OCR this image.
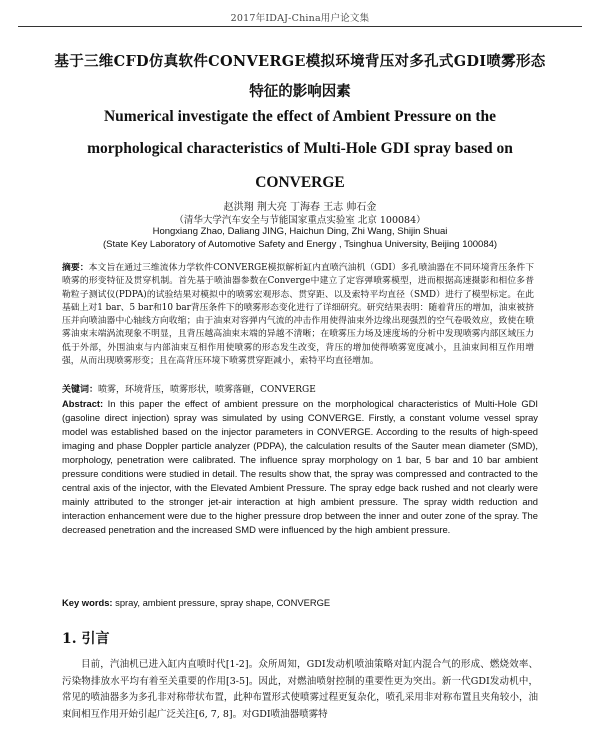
2017年IDAJ-China用户论文集
基于三维CFD仿真软件CONVERGE模拟环境背压对多孔式GDI喷雾形态
特征的影响因素
Numerical investigate the effect of Ambient Pressure on the
morphological characteristics of Multi-Hole GDI spray based on
CONVERGE
赵洪翔 荆大亮 丁海春 王志 帅石金
（清华大学汽车安全与节能国家重点实验室 北京 100084）
Hongxiang Zhao, Daliang JING, Haichun Ding, Zhi Wang, Shijin Shuai
(State Key Laboratory of Automotive Safety and Energy , Tsinghua University, Beijing 100084)
摘要：本文旨在通过三维流体力学软件CONVERGE模拟解析缸内直喷汽油机（GDI）多孔喷油器在不同环境背压条件下喷雾的形变特征及贯穿机制。首先基于喷油器参数在Converge中建立了定容弹喷雾模型，进而根据高速摄影和相位多普勒粒子测试仪(PDPA)的试验结果对模拟中的喷雾宏观形态、贯穿距、以及索特平均直径（SMD）进行了模型标定。在此基础上对1 bar、5 bar和10 bar背压条件下的喷雾形态变化进行了详细研究。研究结果表明：随着背压的增加，油束被挤压并向喷油器中心轴线方向收缩；由于油束对容弹内气流的冲击作用使得油束外边缘出现强烈的空气卷吸效应，致使在喷雾油束末端涡流现象不明显，且背压越高油束末端的异越不清晰；在喷雾压力场及速度场的分析中发现喷雾内部区域压力低于外部，外围油束与内部油束互相作用使喷雾的形态发生改变，背压的增加使得喷雾宽度减小，且油束间相互作用增强，从而出现喷雾形变；且在高背压环境下喷雾贯穿距减小，索特平均直径增加。
关键词：喷雾，环境背压，喷雾形状，喷雾落砸，CONVERGE
Abstract: In this paper the effect of ambient pressure on the morphological characteristics of Multi-Hole GDI (gasoline direct injection) spray was simulated by using CONVERGE. Firstly, a constant volume vessel spray model was established based on the injector parameters in CONVERGE. According to the results of high-speed imaging and phase Doppler particle analyzer (PDPA), the calculation results of the Sauter mean diameter (SMD), morphology, penetration were calibrated. The influence spray morphology on 1 bar, 5 bar and 10 bar ambient pressure conditions were studied in detail. The results show that, the spray was compressed and contracted to the central axis of the injector, with the Elevated Ambient Pressure. The spray edge back rushed and not clearly were mainly attributed to the stronger jet-air interaction at high ambient pressure. The spray width reduction and interaction enhancement were due to the higher pressure drop between the inner and outer zone of the spray. The decreased penetration and the increased SMD were influenced by the high ambient pressure.
Key words: spray, ambient pressure, spray shape, CONVERGE
1. 引言
目前，汽油机已进入缸内直喷时代[1-2]。众所周知，GDI发动机喷油策略对缸内混合气的形成、燃烧效率、污染物排放水平均有着至关重要的作用[3-5]。因此，对燃油喷射控制的重要性更为突出。新一代GDI发动机中，常见的喷油器多为多孔非对称带状布置，此种布置形式使喷雾过程更复杂化，喷孔采用非对称布置且夹角较小，油束间相互作用开始引起广泛关注[6, 7, 8]。对GDI喷油器喷雾特
